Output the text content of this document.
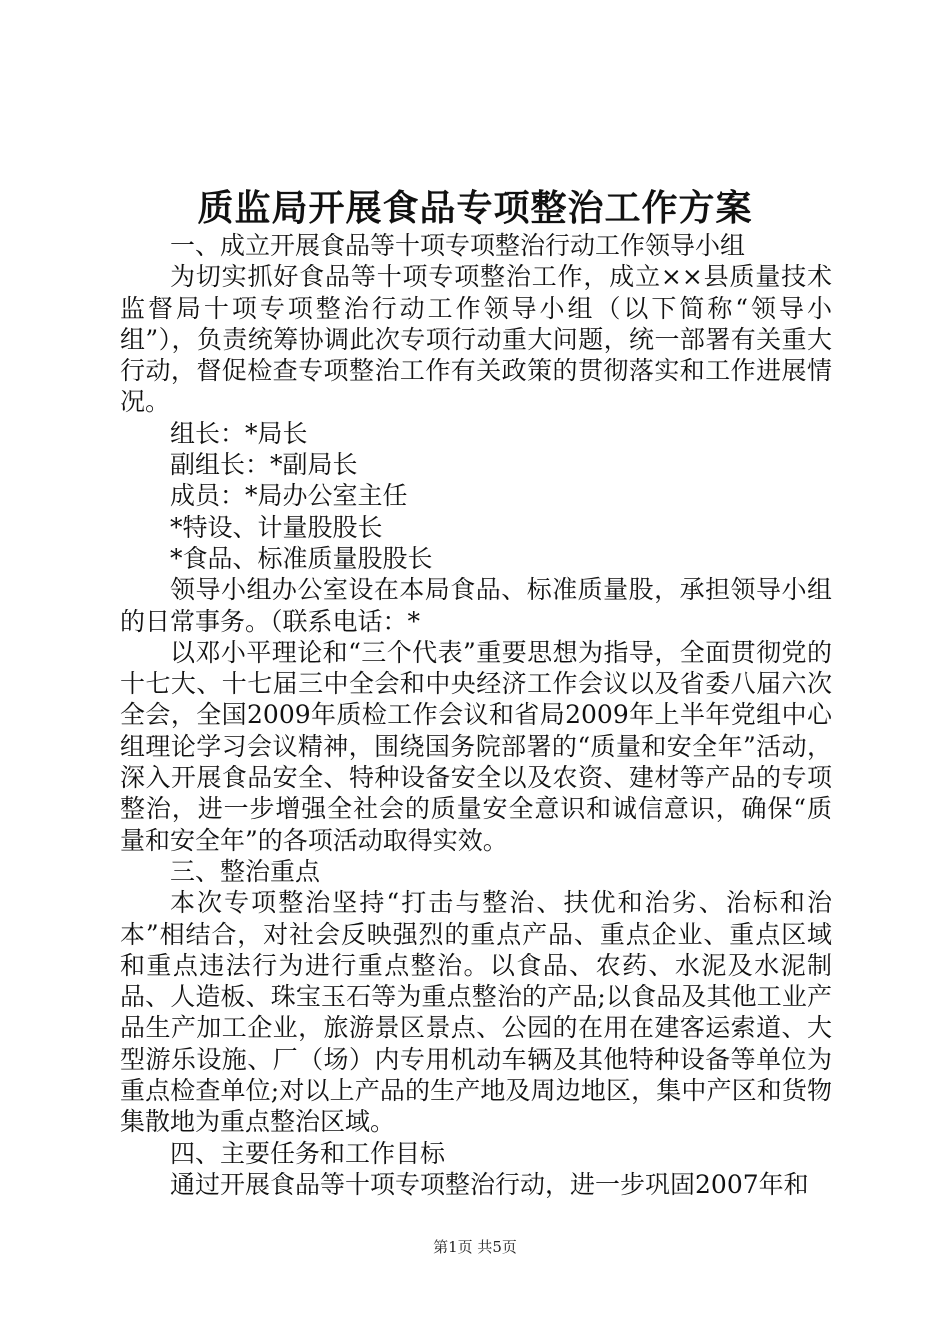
质监局开展食品专项整治工作方案

一、成立开展食品等十项专项整治行动工作领导小组

为切实抓好食品等十项专项整治工作，成立××县质量技术监督局十项专项整治行动工作领导小组（以下简称“领导小组”），负责统筹协调此次专项行动重大问题，统一部署有关重大行动，督促检查专项整治工作有关政策的贯彻落实和工作进展情况。

组长：*局长

副组长：*副局长

成员：*局办公室主任

*特设、计量股股长

*食品、标准质量股股长

领导小组办公室设在本局食品、标准质量股，承担领导小组的日常事务。（联系电话：*

以邓小平理论和“三个代表”重要思想为指导，全面贯彻党的十七大、十七届三中全会和中央经济工作会议以及省委八届六次全会，全国2009年质检工作会议和省局2009年上半年党组中心组理论学习会议精神，围绕国务院部署的“质量和安全年”活动，深入开展食品安全、特种设备安全以及农资、建材等产品的专项整治，进一步增强全社会的质量安全意识和诚信意识，确保“质量和安全年”的各项活动取得实效。

三、整治重点

本次专项整治坚持“打击与整治、扶优和治劣、治标和治本”相结合，对社会反映强烈的重点产品、重点企业、重点区域和重点违法行为进行重点整治。以食品、农药、水泥及水泥制品、人造板、珠宝玉石等为重点整治的产品;以食品及其他工业产品生产加工企业，旅游景区景点、公园的在用在建客运索道、大型游乐设施、厂（场）内专用机动车辆及其他特种设备等单位为重点检查单位;对以上产品的生产地及周边地区，集中产区和货物集散地为重点整治区域。

四、主要任务和工作目标

通过开展食品等十项专项整治行动，进一步巩固2007年和

第1页 共5页
